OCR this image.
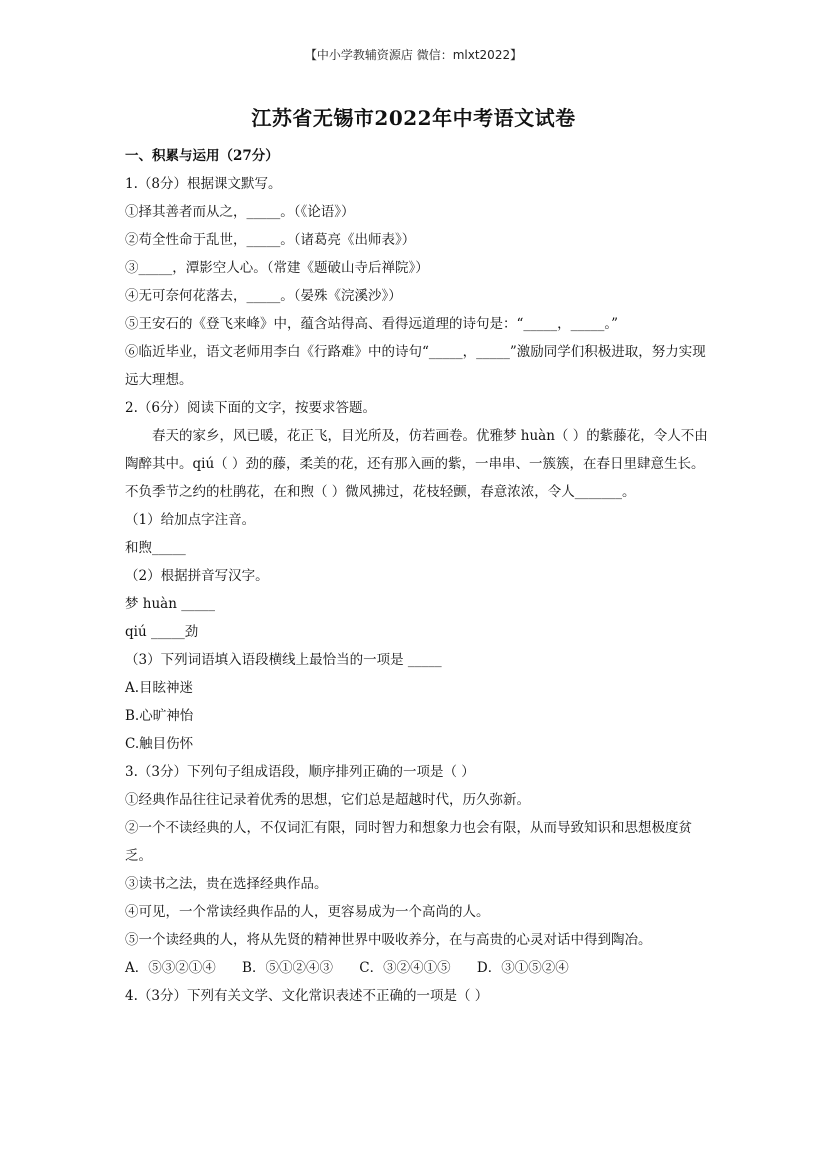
【中小学教辅资源店 微信：mlxt2022】
江苏省无锡市2022年中考语文试卷
一、积累与运用（27分）
1.（8分）根据课文默写。
①择其善者而从之，_____。（《论语》）
②苟全性命于乱世，_____。（诸葛亮《出师表》）
③_____，潭影空人心。（常建《题破山寺后禅院》）
④无可奈何花落去，_____。（晏殊《浣溪沙》）
⑤王安石的《登飞来峰》中，蕴含站得高、看得远道理的诗句是：“_____，_____。”
⑥临近毕业，语文老师用李白《行路难》中的诗句“_____，_____”激励同学们积极进取，努力实现远大理想。
2.（6分）阅读下面的文字，按要求答题。
春天的家乡，风已暖，花正飞，目光所及，仿若画卷。优雅梦 huàn（ ）的紫藤花，令人不由陶醉其中。qiú（ ）劲的藤，柔美的花，还有那入画的紫，一串串、一簇簇，在春日里肆意生长。不负季节之约的杜鹃花，在和煦（ ）微风拂过，花枝轻颤，春意浓浓，令人_______。
（1）给加点字注音。
和煦_____
（2）根据拼音写汉字。
梦 huàn _____
qiú _____劲
（3）下列词语填入语段横线上最恰当的一项是 _____
A.目眩神迷
B.心旷神怡
C.触目伤怀
3.（3分）下列句子组成语段，顺序排列正确的一项是（ ）
①经典作品往往记录着优秀的思想，它们总是超越时代，历久弥新。
②一个不读经典的人，不仅词汇有限，同时智力和想象力也会有限，从而导致知识和思想极度贫乏。
③读书之法，贵在选择经典作品。
④可见，一个常读经典作品的人，更容易成为一个高尚的人。
⑤一个读经典的人，将从先贤的精神世界中吸收养分，在与高贵的心灵对话中得到陶冶。
A．⑤③②①④ B．⑤①②④③ C．③②④①⑤ D．③①⑤②④
4.（3分）下列有关文学、文化常识表述不正确的一项是（ ）
